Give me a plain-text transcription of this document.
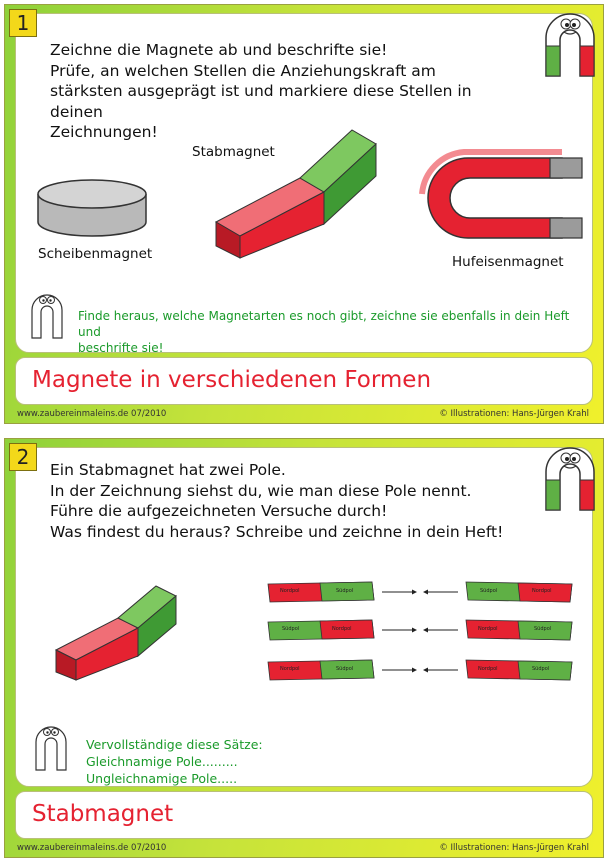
1
Zeichne die Magnete ab und beschrifte sie!
Prüfe, an welchen Stellen die Anziehungskraft am
stärksten ausgeprägt ist und markiere diese Stellen in deinen
Zeichnungen!
Scheibenmagnet
Stabmagnet
Hufeisenmagnet
Finde heraus, welche Magnetarten es noch gibt, zeichne sie ebenfalls in dein Heft und
beschrifte sie!
Magnete in verschiedenen Formen
www.zaubereinmaleins.de 07/2010	© Illustrationen: Hans-Jürgen Krahl
2
Ein Stabmagnet hat zwei Pole.
In der Zeichnung siehst du, wie man diese Pole nennt.
Führe die aufgezeichneten Versuche durch!
Was findest du heraus? Schreibe und zeichne in dein Heft!
Nordpol	Südpol	Südpol	Nordpol
Südpol	Nordpol	Nordpol	Südpol
Nordpol	Südpol	Nordpol	Südpol
Vervollständige diese Sätze:
Gleichnamige Pole.........
Ungleichnamige Pole.....
Stabmagnet
www.zaubereinmaleins.de 07/2010	© Illustrationen: Hans-Jürgen Krahl
